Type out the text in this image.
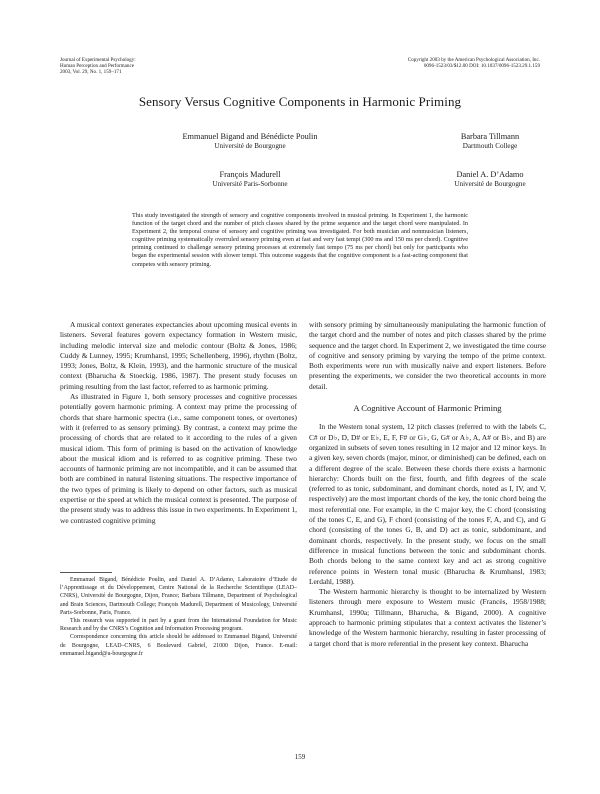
Journal of Experimental Psychology:
Human Perception and Performance
2003, Vol. 29, No. 1, 159–171
Copyright 2003 by the American Psychological Association, Inc.
0096-1523/03/$12.00 DOI: 10.1037/0096-1523.29.1.159
Sensory Versus Cognitive Components in Harmonic Priming
Emmanuel Bigand and Bénédicte Poulin
Université de Bourgogne
Barbara Tillmann
Dartmouth College
François Madurell
Université Paris-Sorbonne
Daniel A. D’Adamo
Université de Bourgogne
This study investigated the strength of sensory and cognitive components involved in musical priming. In Experiment 1, the harmonic function of the target chord and the number of pitch classes shared by the prime sequence and the target chord were manipulated. In Experiment 2, the temporal course of sensory and cognitive priming was investigated. For both musician and nonmusician listeners, cognitive priming systematically overruled sensory priming even at fast and very fast tempi (300 ms and 150 ms per chord). Cognitive priming continued to challenge sensory priming processes at extremely fast tempo (75 ms per chord) but only for participants who began the experimental session with slower tempi. This outcome suggests that the cognitive component is a fast-acting component that competes with sensory priming.

A musical context generates expectancies about upcoming musical events in listeners. Several features govern expectancy formation in Western music, including melodic interval size and melodic contour (Boltz & Jones, 1986; Cuddy & Lunney, 1995; Krumhansl, 1995; Schellenberg, 1996), rhythm (Boltz, 1993; Jones, Boltz, & Klein, 1993), and the harmonic structure of the musical context (Bharucha & Stoeckig, 1986, 1987). The present study focuses on priming resulting from the last factor, referred to as harmonic priming.

As illustrated in Figure 1, both sensory processes and cognitive processes potentially govern harmonic priming. A context may prime the processing of chords that share harmonic spectra (i.e., same component tones, or overtones) with it (referred to as sensory priming). By contrast, a context may prime the processing of chords that are related to it according to the rules of a given musical idiom. This form of priming is based on the activation of knowledge about the musical idiom and is referred to as cognitive priming. These two accounts of harmonic priming are not incompatible, and it can be assumed that both are combined in natural listening situations. The respective importance of the two types of priming is likely to depend on other factors, such as musical expertise or the speed at which the musical context is presented. The purpose of the present study was to address this issue in two experiments. In Experiment 1, we contrasted cognitive priming

Emmanuel Bigand, Bénédicte Poulin, and Daniel A. D’Adamo, Laboratoire d’Etude de l’Apprentissage et du Développement, Centre National de la Recherche Scientifique (LEAD–CNRS), Université de Bourgogne, Dijon, France; Barbara Tillmann, Department of Psychological and Brain Sciences, Dartmouth College; François Madurell, Department of Musicology, Université Paris-Sorbonne, Paris, France.

This research was supported in part by a grant from the International Foundation for Music Research and by the CNRS’s Cognition and Information Processing program.

Correspondence concerning this article should be addressed to Emmanuel Bigand, Université de Bourgogne, LEAD–CNRS, 6 Boulevard Gabriel, 21000 Dijon, France. E-mail: emmanuel.bigand@u-bourgogne.fr

with sensory priming by simultaneously manipulating the harmonic function of the target chord and the number of notes and pitch classes shared by the prime sequence and the target chord. In Experiment 2, we investigated the time course of cognitive and sensory priming by varying the tempo of the prime context. Both experiments were run with musically naive and expert listeners. Before presenting the experiments, we consider the two theoretical accounts in more detail.

A Cognitive Account of Harmonic Priming

In the Western tonal system, 12 pitch classes (referred to with the labels C, C# or D♭, D, D# or E♭, E, F, F# or G♭, G, G# or A♭, A, A# or B♭, and B) are organized in subsets of seven tones resulting in 12 major and 12 minor keys. In a given key, seven chords (major, minor, or diminished) can be defined, each on a different degree of the scale. Between these chords there exists a harmonic hierarchy: Chords built on the first, fourth, and fifth degrees of the scale (referred to as tonic, subdominant, and dominant chords, noted as I, IV, and V, respectively) are the most important chords of the key, the tonic chord being the most referential one. For example, in the C major key, the C chord (consisting of the tones C, E, and G), F chord (consisting of the tones F, A, and C), and G chord (consisting of the tones G, B, and D) act as tonic, subdominant, and dominant chords, respectively. In the present study, we focus on the small difference in musical functions between the tonic and subdominant chords. Both chords belong to the same context key and act as strong cognitive reference points in Western tonal music (Bharucha & Krumhansl, 1983; Lerdahl, 1988).

The Western harmonic hierarchy is thought to be internalized by Western listeners through mere exposure to Western music (Francès, 1958/1988; Krumhansl, 1990a; Tillmann, Bharucha, & Bigand, 2000). A cognitive approach to harmonic priming stipulates that a context activates the listener’s knowledge of the Western harmonic hierarchy, resulting in faster processing of a target chord that is more referential in the present key context. Bharucha

159
